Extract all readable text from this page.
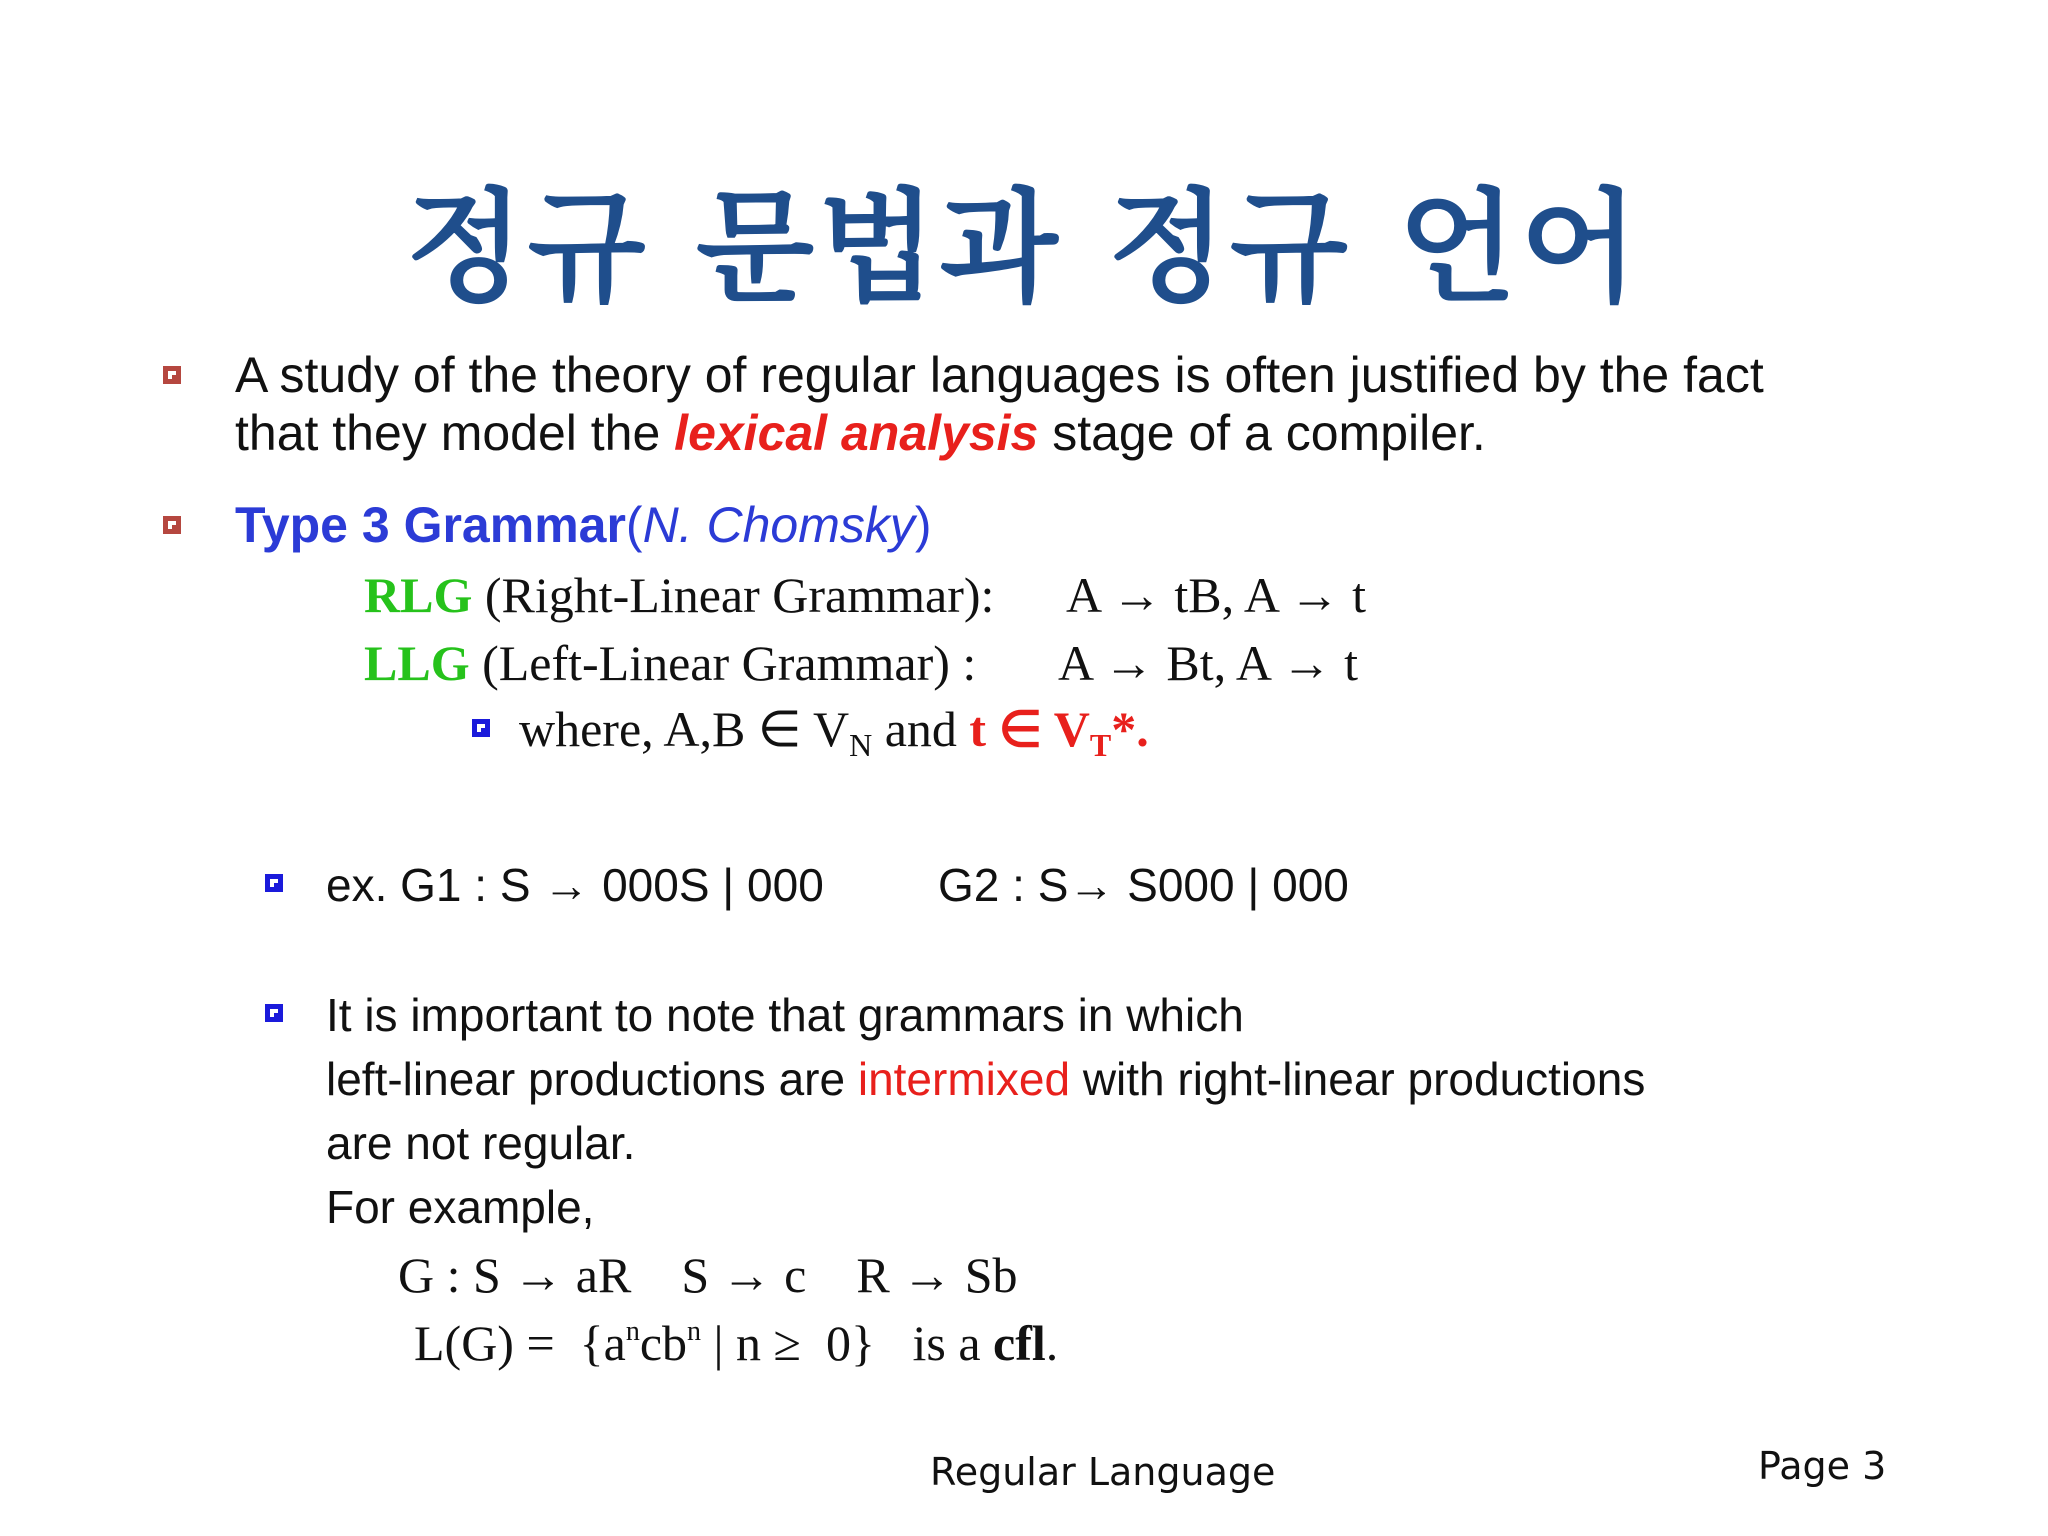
정규 문법과 정규 언어
A study of the theory of regular languages is often justified by the fact
that they model the lexical analysis stage of a compiler.
Type 3 Grammar(N. Chomsky)
RLG (Right-Linear Grammar): A → tB, A → t
LLG (Left-Linear Grammar) : A → Bt, A → t
where, A,B ∈ $V_N$ and t ∈ $V_T*$.
ex. G1 : S → 000S | 000 G2 : S→ S000 | 000
It is important to note that grammars in which
left-linear productions are intermixed with right-linear productions
are not regular.
For example,
G : S → aR    S → c    R → Sb
$L(G) = \{a^ncb^n$ | n ≥  0}   is a cfl.
Regular Language	Page 3
